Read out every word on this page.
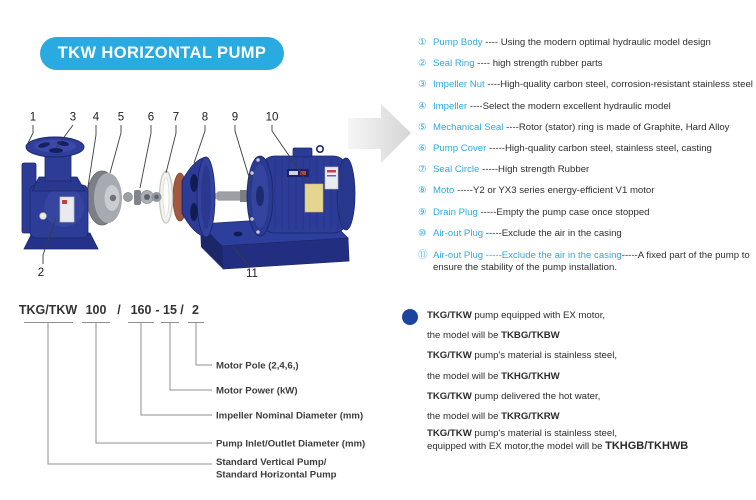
TKW HORIZONTAL PUMP
1	3 4 5 6 7 8 9 10
2	11
① Pump Body ---- Using the modern optimal hydraulic model design
② Seal Ring ---- high strength rubber parts
③ Impeller Nut ----High-quality carbon steel, corrosion-resistant stainless steel
④ Impeller ----Select the modern excellent hydraulic model
⑤ Mechanical Seal ----Rotor (stator) ring is made of Graphite, Hard Alloy
⑥ Pump Cover -----High-quality carbon steel, stainless steel, casting
⑦ Seal Circle -----High strength Rubber
⑧ Moto -----Y2 or YX3 series energy-efficient V1 motor
⑨ Drain Plug -----Empty the pump case once stopped
⑩ Air-out Plug -----Exclude the air in the casing
⑪ Air-out Plug -----Exclude the air in the casing-----A fixed part of the pump to ensure the stability of the pump installation.
TKG/TKW 100 / 160 - 15 / 2
Motor Pole (2,4,6,)
Motor Power (kW)
Impeller Nominal Diameter (mm)
Pump Inlet/Outlet Diameter (mm)
Standard Vertical Pump/
Standard Horizontal Pump

TKG/TKW pump equipped with EX motor,

the model will be TKBG/TKBW

TKG/TKW pump's material is stainless steel,

the model will be TKHG/TKHW

TKG/TKW pump delivered the hot water,

the model will be TKRG/TKRW

TKG/TKW pump's material is stainless steel,

equipped with EX motor,the model will be TKHGB/TKHWB
